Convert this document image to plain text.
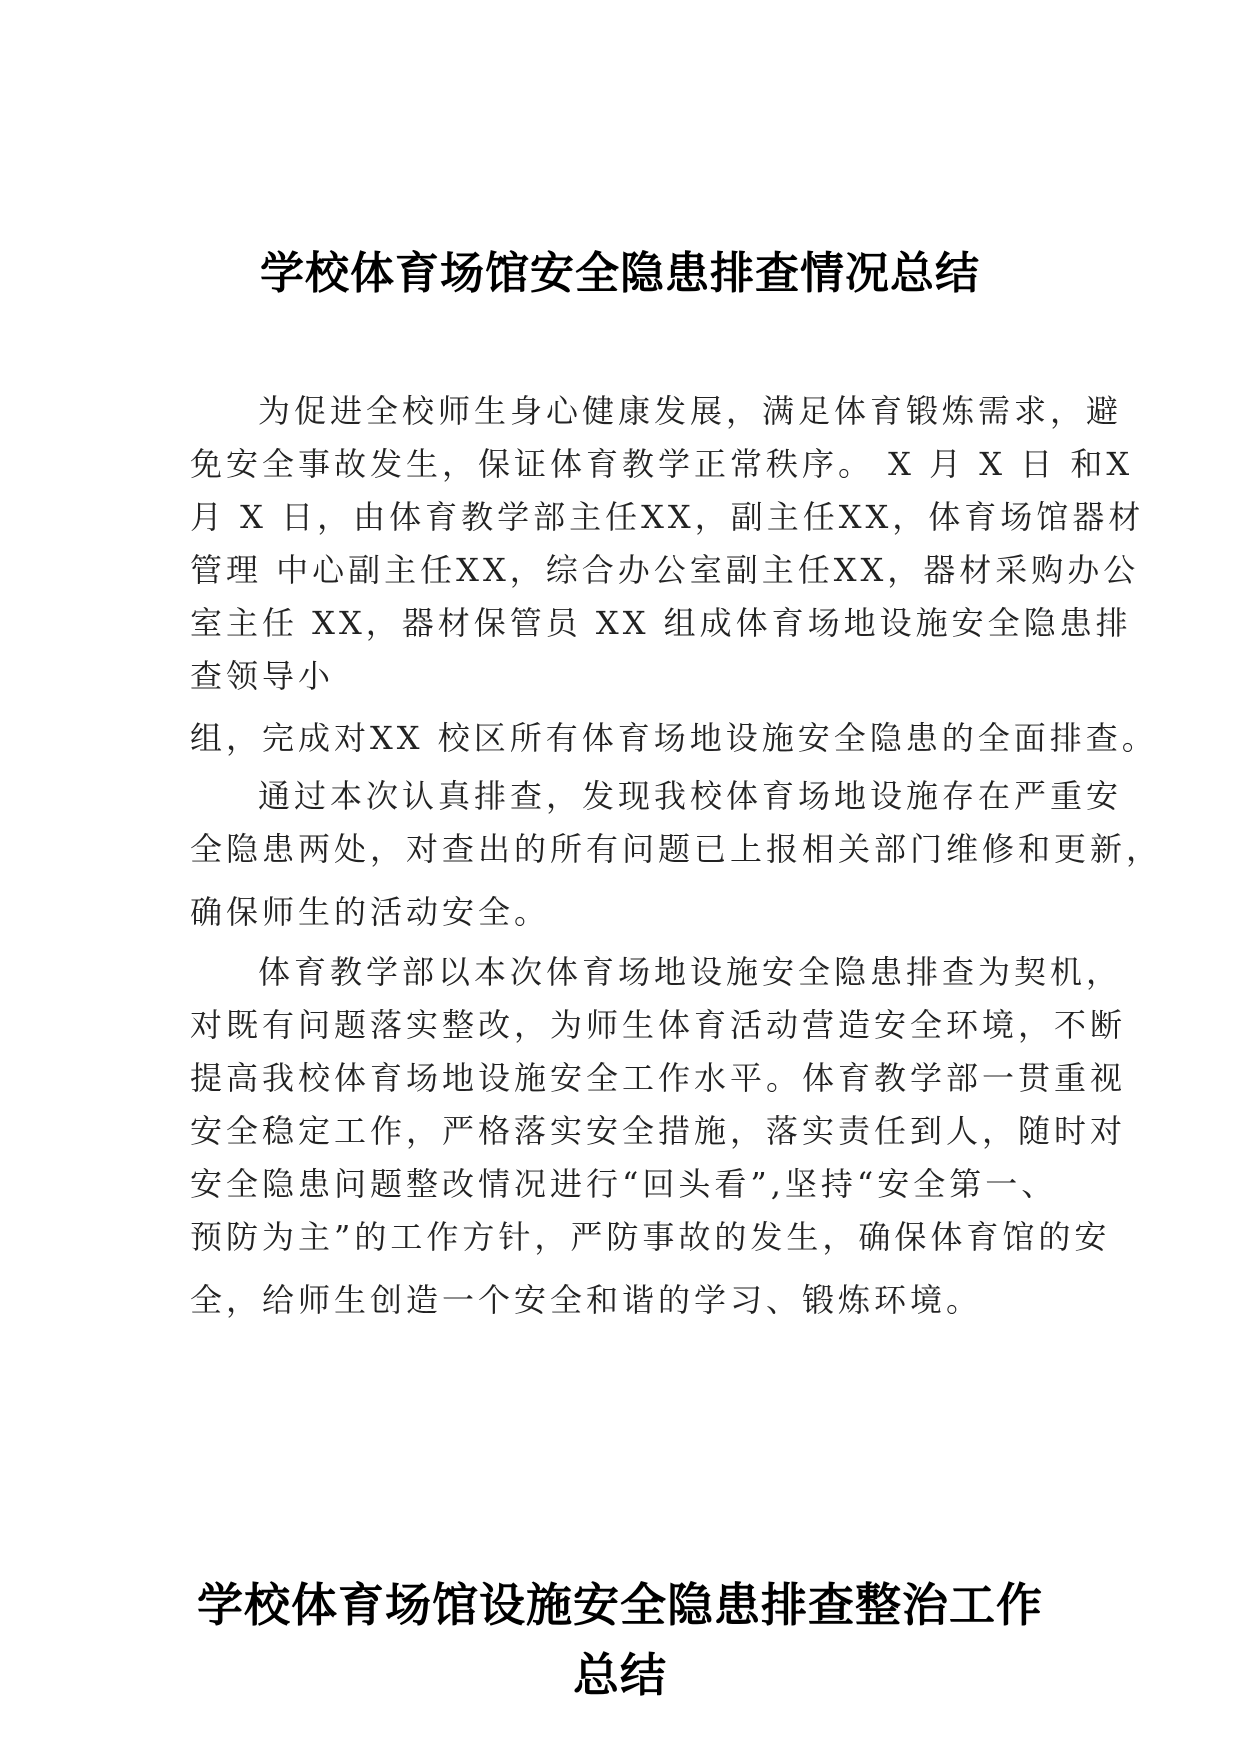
学校体育场馆安全隐患排查情况总结
为促进全校师生身心健康发展，满足体育锻炼需求，避
免安全事故发生，保证体育教学正常秩序。 X 月 X 日 和X
月 X 日，由体育教学部主任XX，副主任XX，体育场馆器材
管理 中心副主任XX，综合办公室副主任XX，器材采购办公
室主任 XX，器材保管员 XX 组成体育场地设施安全隐患排
查领导小
组，完成对XX 校区所有体育场地设施安全隐患的全面排查。
通过本次认真排查，发现我校体育场地设施存在严重安
全隐患两处，对查出的所有问题已上报相关部门维修和更新，
确保师生的活动安全。
体育教学部以本次体育场地设施安全隐患排查为契机，
对既有问题落实整改，为师生体育活动营造安全环境，不断
提高我校体育场地设施安全工作水平。体育教学部一贯重视
安全稳定工作，严格落实安全措施，落实责任到人，随时对
安全隐患问题整改情况进行“回头看”,坚持“安全第一、
预防为主”的工作方针，严防事故的发生，确保体育馆的安
全，给师生创造一个安全和谐的学习、锻炼环境。
学校体育场馆设施安全隐患排查整治工作
总结
